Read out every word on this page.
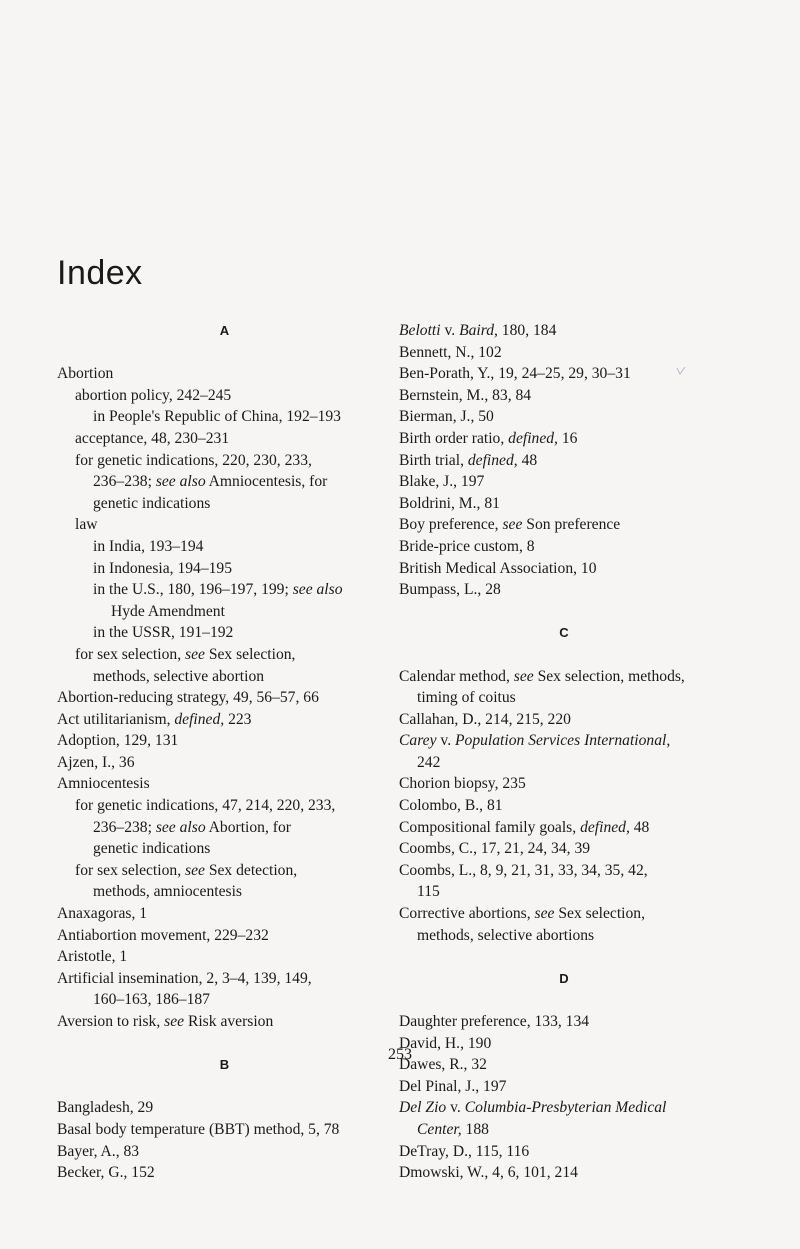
Index
A
Abortion
abortion policy, 242–245
in People's Republic of China, 192–193
acceptance, 48, 230–231
for genetic indications, 220, 230, 233,
236–238; see also Amniocentesis, for
genetic indications
law
in India, 193–194
in Indonesia, 194–195
in the U.S., 180, 196–197, 199; see also
Hyde Amendment
in the USSR, 191–192
for sex selection, see Sex selection,
methods, selective abortion
Abortion-reducing strategy, 49, 56–57, 66
Act utilitarianism, defined, 223
Adoption, 129, 131
Ajzen, I., 36
Amniocentesis
for genetic indications, 47, 214, 220, 233,
236–238; see also Abortion, for
genetic indications
for sex selection, see Sex detection,
methods, amniocentesis
Anaxagoras, 1
Antiabortion movement, 229–232
Aristotle, 1
Artificial insemination, 2, 3–4, 139, 149,
160–163, 186–187
Aversion to risk, see Risk aversion
B
Bangladesh, 29
Basal body temperature (BBT) method, 5, 78
Bayer, A., 83
Becker, G., 152
Belotti v. Baird, 180, 184
Bennett, N., 102
Ben-Porath, Y., 19, 24–25, 29, 30–31
Bernstein, M., 83, 84
Bierman, J., 50
Birth order ratio, defined, 16
Birth trial, defined, 48
Blake, J., 197
Boldrini, M., 81
Boy preference, see Son preference
Bride-price custom, 8
British Medical Association, 10
Bumpass, L., 28
C
Calendar method, see Sex selection, methods,
timing of coitus
Callahan, D., 214, 215, 220
Carey v. Population Services International,
242
Chorion biopsy, 235
Colombo, B., 81
Compositional family goals, defined, 48
Coombs, C., 17, 21, 24, 34, 39
Coombs, L., 8, 9, 21, 31, 33, 34, 35, 42,
115
Corrective abortions, see Sex selection,
methods, selective abortions
D
Daughter preference, 133, 134
David, H., 190
Dawes, R., 32
Del Pinal, J., 197
Del Zio v. Columbia-Presbyterian Medical
Center, 188
DeTray, D., 115, 116
Dmowski, W., 4, 6, 101, 214
253
